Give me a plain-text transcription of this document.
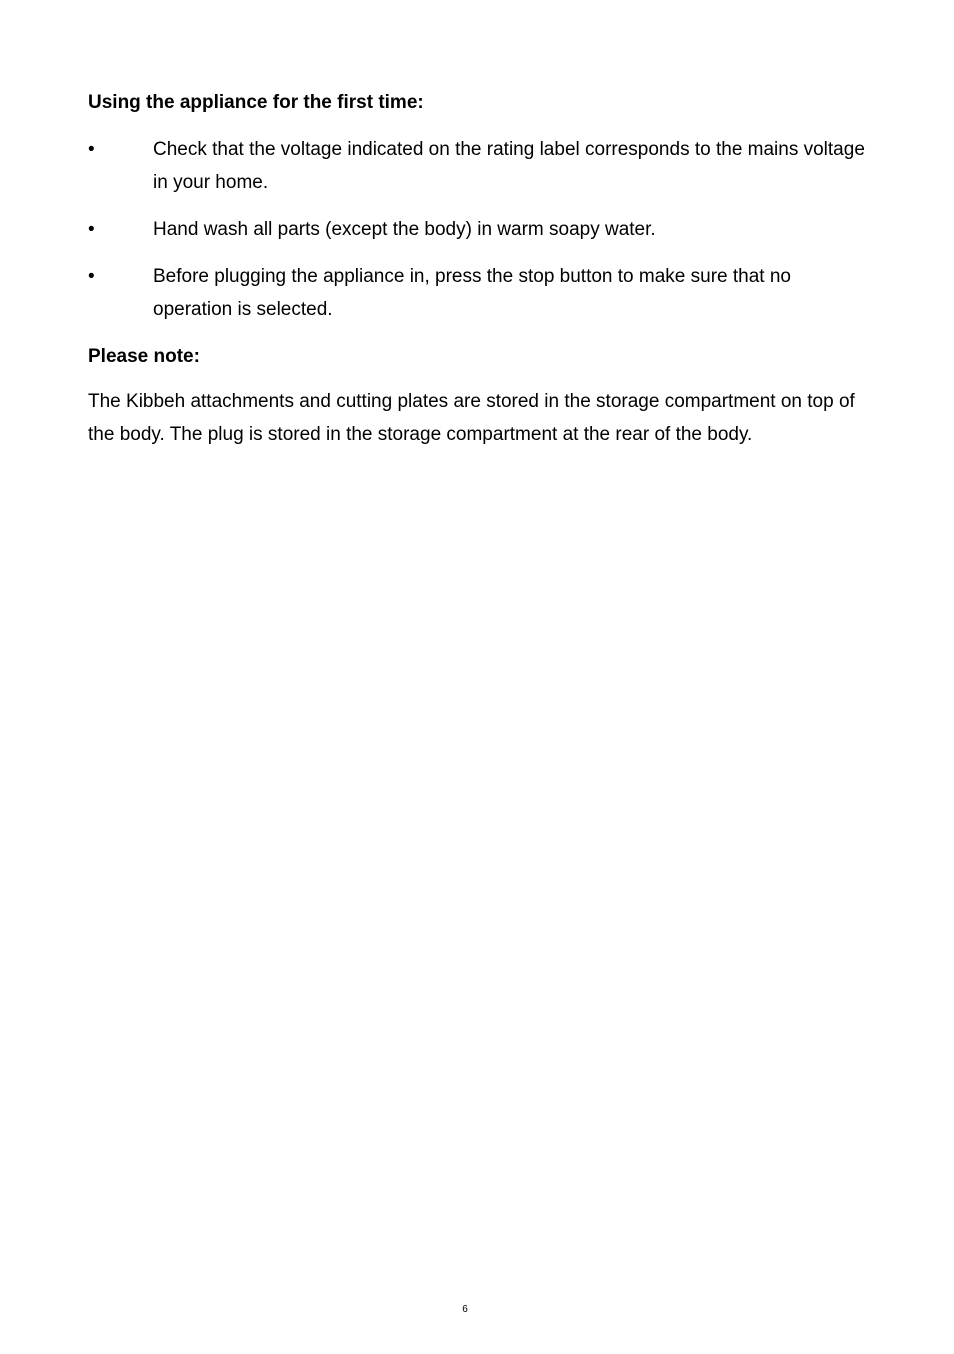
Using the appliance for the first time:
•	Check that the voltage indicated on the rating label corresponds to the mains voltage in your home.
•	Hand wash all parts (except the body) in warm soapy water.
•	Before plugging the appliance in, press the stop button to make sure that no operation is selected.
Please note:

The Kibbeh attachments and cutting plates are stored in the storage compartment on top of the body. The plug is stored in the storage compartment at the rear of the body.

6
